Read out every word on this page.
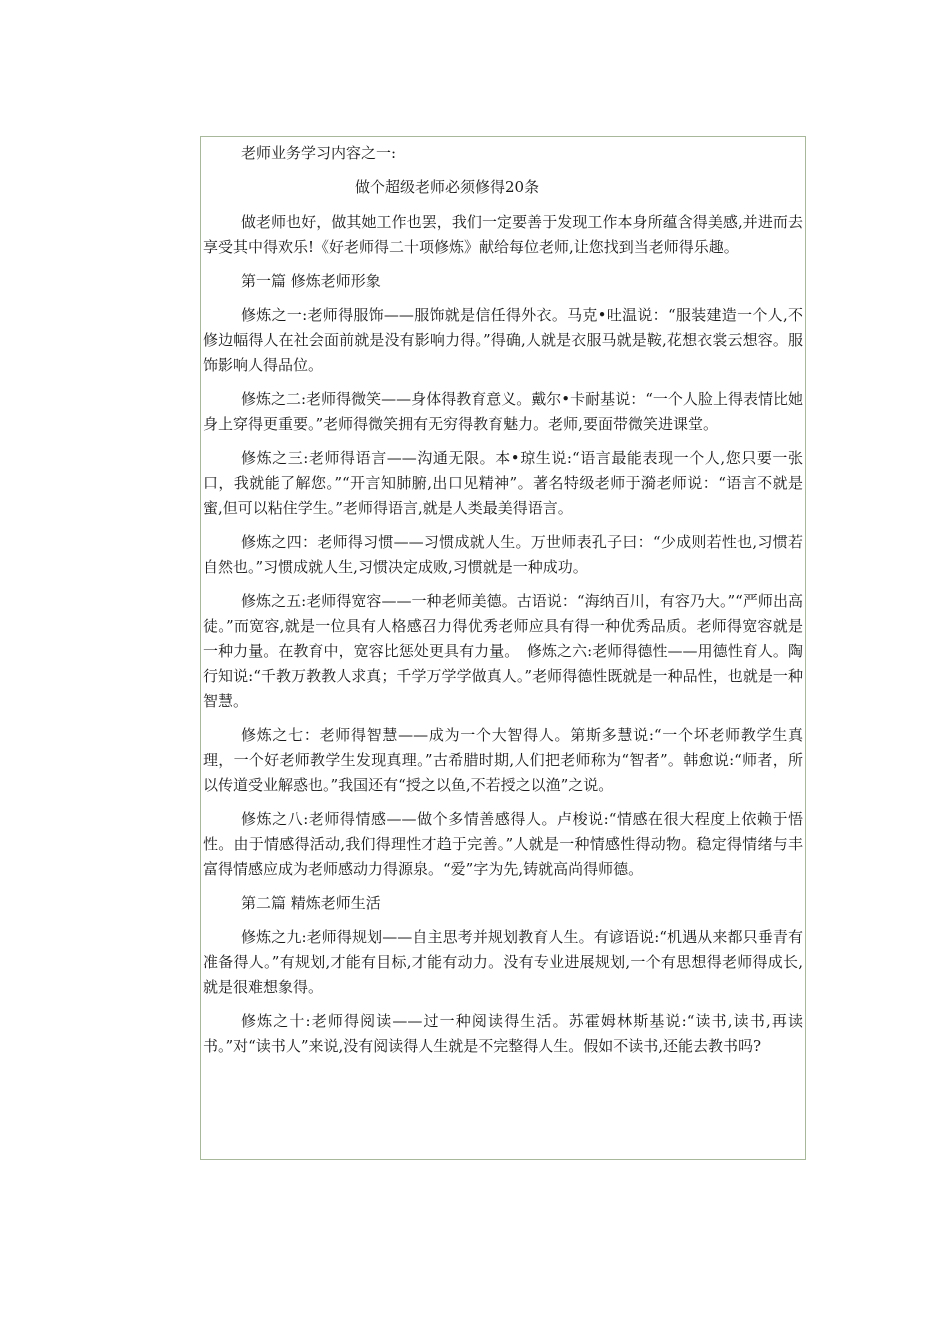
老师业务学习内容之一:

做个超级老师必须修得20条

做老师也好，做其她工作也罢，我们一定要善于发现工作本身所蕴含得美感,并进而去享受其中得欢乐!《好老师得二十项修炼》献给每位老师,让您找到当老师得乐趣。

第一篇 修炼老师形象

修炼之一:老师得服饰——服饰就是信任得外衣。马克•吐温说：“服装建造一个人,不修边幅得人在社会面前就是没有影响力得。”得确,人就是衣服马就是鞍,花想衣裳云想容。服饰影响人得品位。

修炼之二:老师得微笑——身体得教育意义。戴尔•卡耐基说：“一个人脸上得表情比她身上穿得更重要。”老师得微笑拥有无穷得教育魅力。老师,要面带微笑进课堂。

修炼之三:老师得语言——沟通无限。本•琼生说:“语言最能表现一个人,您只要一张口，我就能了解您。”“开言知肺腑,出口见精神”。著名特级老师于漪老师说：“语言不就是蜜,但可以粘住学生。”老师得语言,就是人类最美得语言。

修炼之四：老师得习惯——习惯成就人生。万世师表孔子曰：“少成则若性也,习惯若自然也。”习惯成就人生,习惯决定成败,习惯就是一种成功。

修炼之五:老师得宽容——一种老师美德。古语说：“海纳百川，有容乃大。”“严师出高徒。”而宽容,就是一位具有人格感召力得优秀老师应具有得一种优秀品质。老师得宽容就是一种力量。在教育中，宽容比惩处更具有力量。　修炼之六:老师得德性——用德性育人。陶行知说:“千教万教教人求真；千学万学学做真人。”老师得德性既就是一种品性，也就是一种智慧。

修炼之七：老师得智慧——成为一个大智得人。第斯多慧说:“一个坏老师教学生真理，一个好老师教学生发现真理。”古希腊时期,人们把老师称为“智者”。韩愈说:“师者，所以传道受业解惑也。”我国还有“授之以鱼,不若授之以渔”之说。

修炼之八:老师得情感——做个多情善感得人。卢梭说:“情感在很大程度上依赖于悟性。由于情感得活动,我们得理性才趋于完善。”人就是一种情感性得动物。稳定得情绪与丰富得情感应成为老师感动力得源泉。“爱”字为先,铸就高尚得师德。

第二篇 精炼老师生活

修炼之九:老师得规划——自主思考并规划教育人生。有谚语说:“机遇从来都只垂青有准备得人。”有规划,才能有目标,才能有动力。没有专业进展规划,一个有思想得老师得成长,就是很难想象得。

修炼之十:老师得阅读——过一种阅读得生活。苏霍姆林斯基说:“读书,读书,再读书。”对“读书人”来说,没有阅读得人生就是不完整得人生。假如不读书,还能去教书吗?
